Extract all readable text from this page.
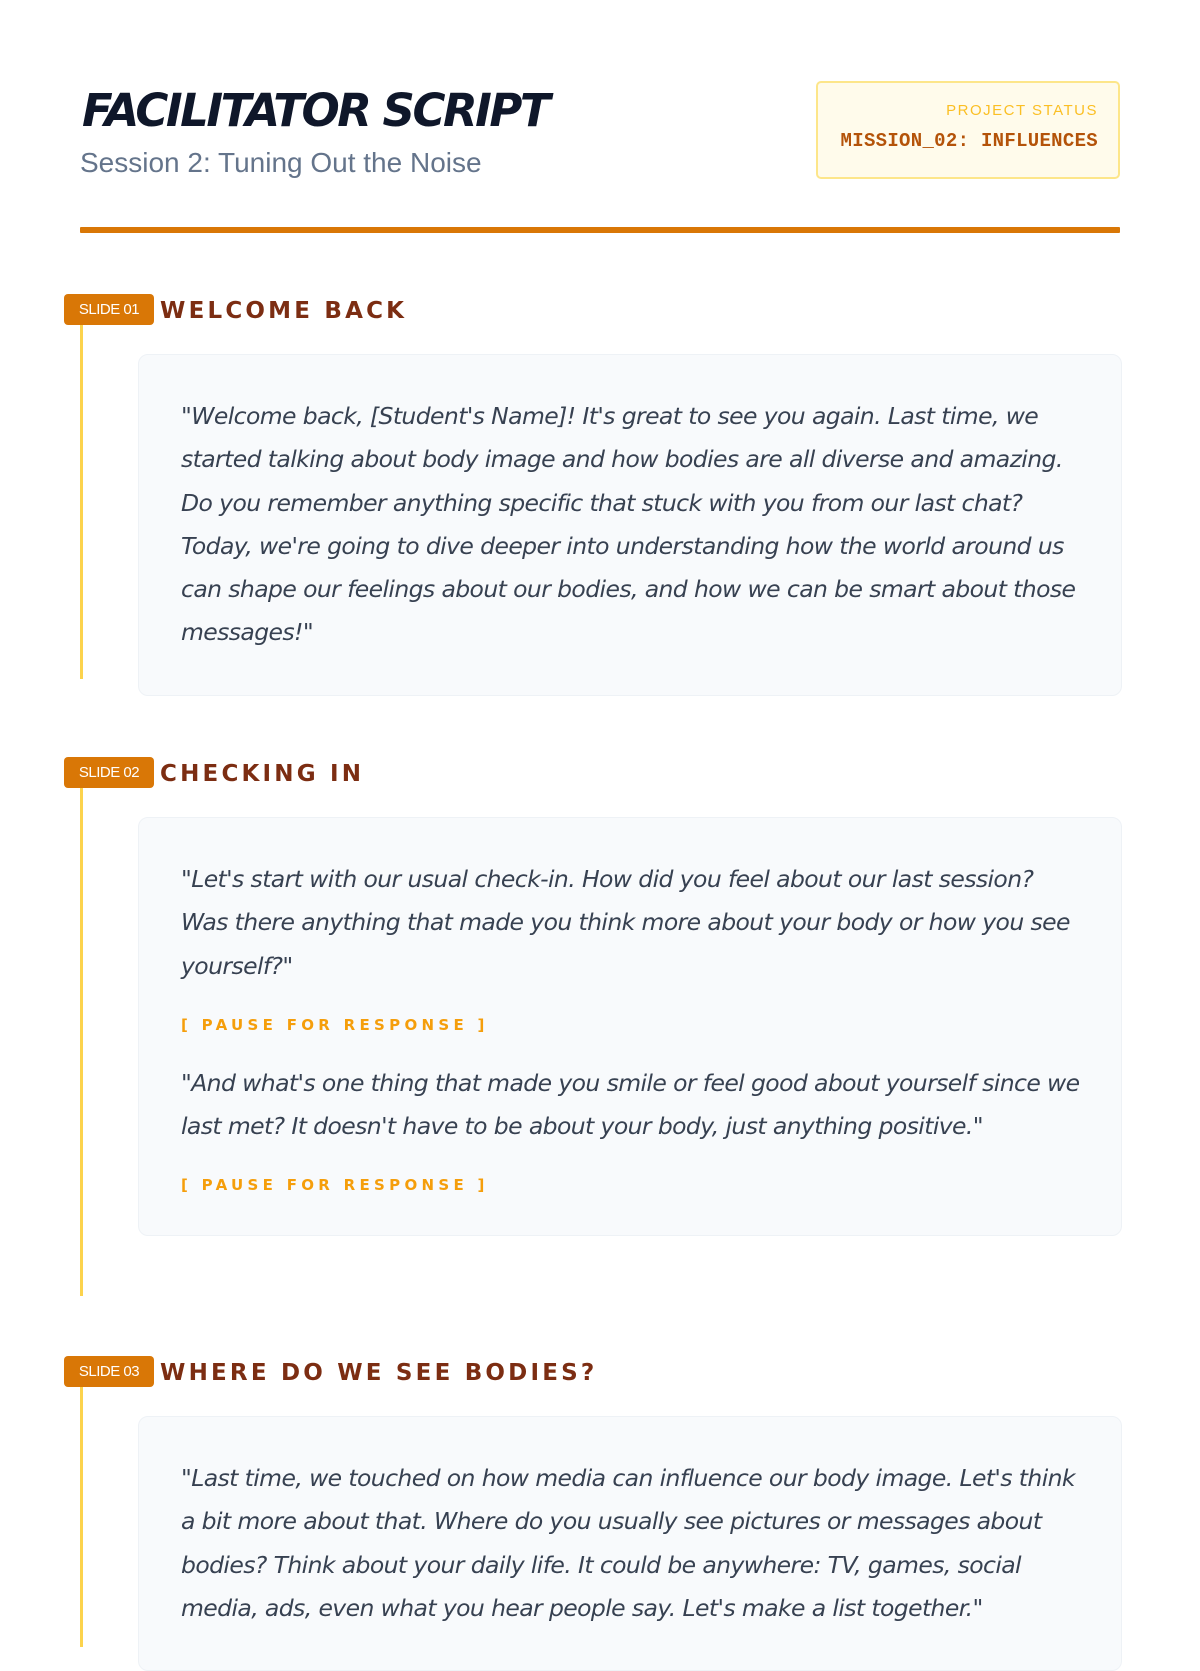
FACILITATOR SCRIPT
Session 2: Tuning Out the Noise
PROJECT STATUS
MISSION_02: INFLUENCES
WELCOME BACK
SLIDE 01

"Welcome back, [Student's Name]! It's great to see you again. Last time, we started talking about body image and how bodies are all diverse and amazing. Do you remember anything specific that stuck with you from our last chat? Today, we're going to dive deeper into understanding how the world around us can shape our feelings about our bodies, and how we can be smart about those messages!"

CHECKING IN
SLIDE 02

"Let's start with our usual check-in. How did you feel about our last session? Was there anything that made you think more about your body or how you see yourself?"

[ PAUSE FOR RESPONSE ]

"And what's one thing that made you smile or feel good about yourself since we last met? It doesn't have to be about your body, just anything positive."

[ PAUSE FOR RESPONSE ]
WHERE DO WE SEE BODIES?
SLIDE 03

"Last time, we touched on how media can influence our body image. Let's think a bit more about that. Where do you usually see pictures or messages about bodies? Think about your daily life. It could be anywhere: TV, games, social media, ads, even what you hear people say. Let's make a list together."
